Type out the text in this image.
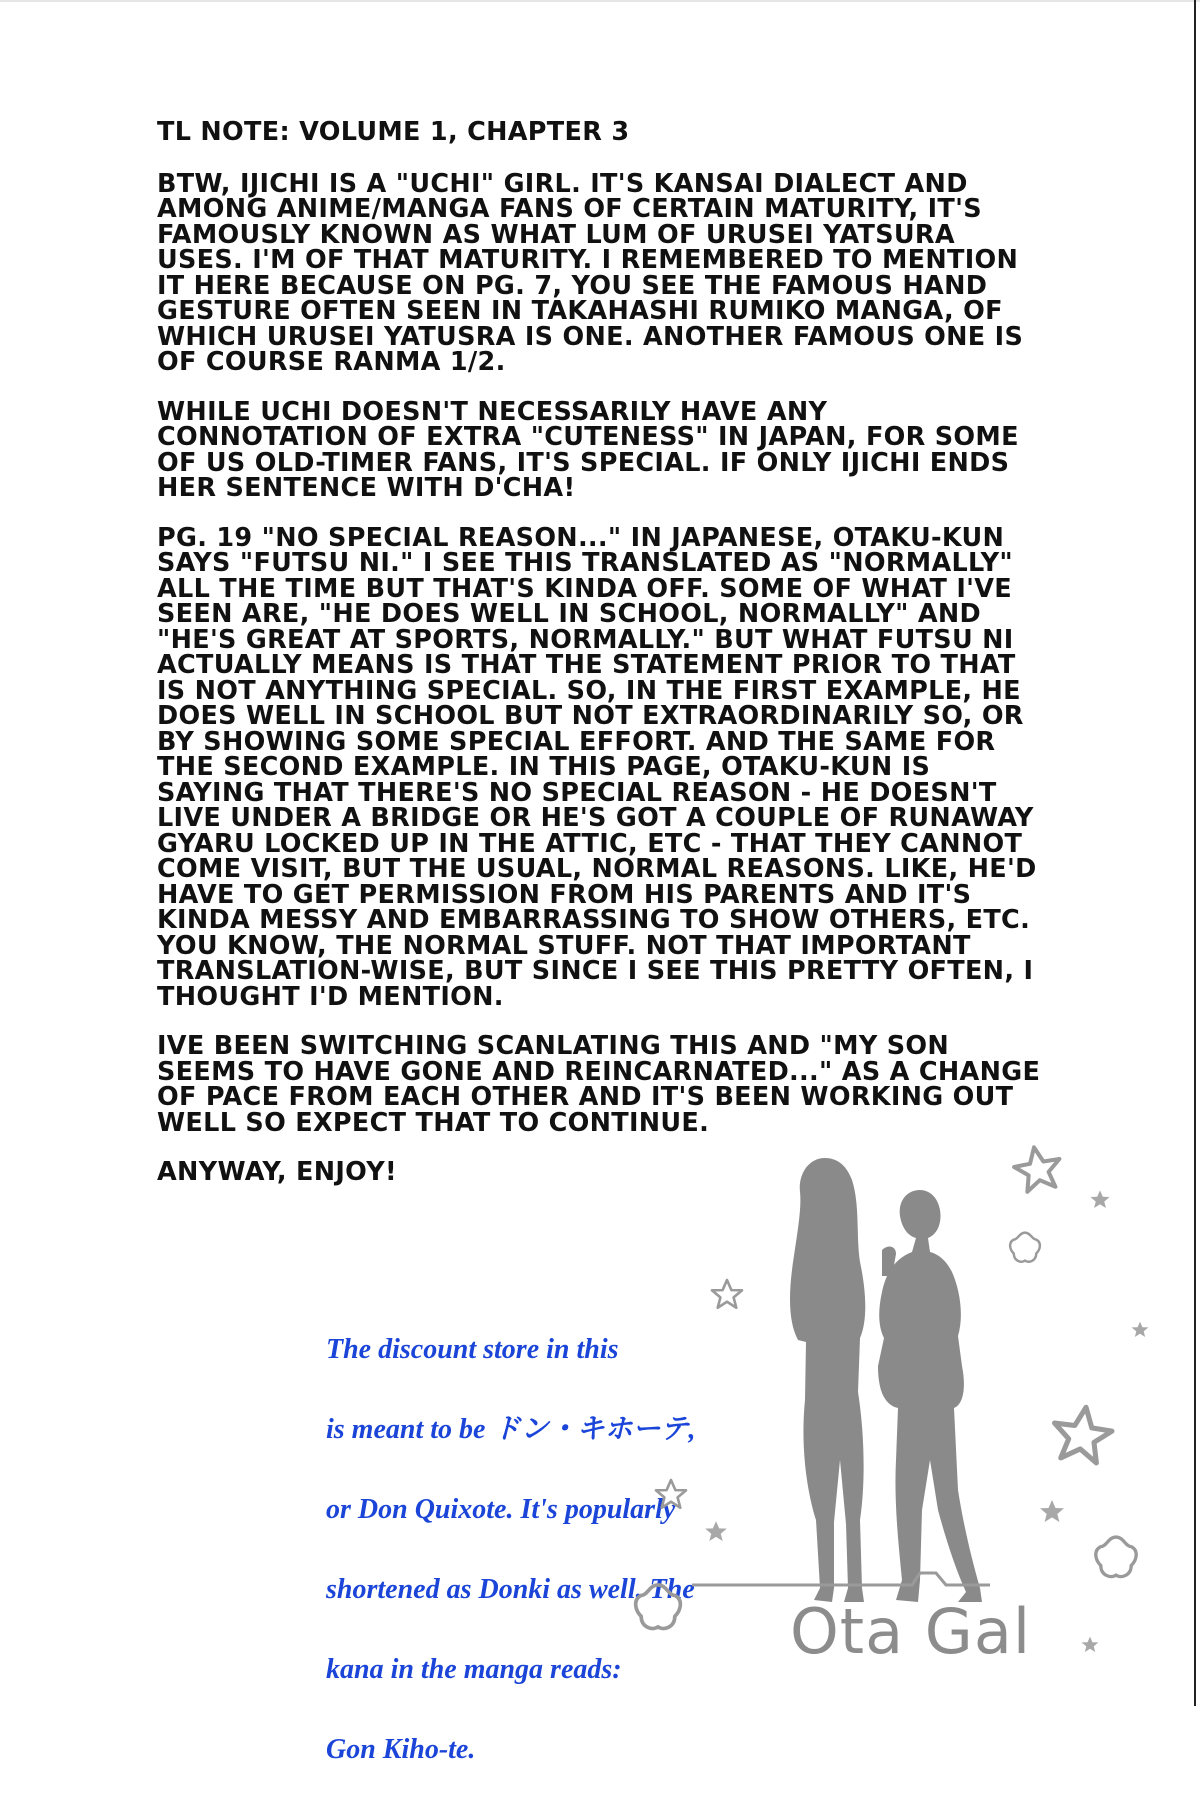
TL NOTE: VOLUME 1, CHAPTER 3

BTW, IJICHI IS A "UCHI" GIRL. IT'S KANSAI DIALECT AND AMONG ANIME/MANGA FANS OF CERTAIN MATURITY, IT'S FAMOUSLY KNOWN AS WHAT LUM OF URUSEI YATSURA USES. I'M OF THAT MATURITY. I REMEMBERED TO MENTION IT HERE BECAUSE ON PG. 7, YOU SEE THE FAMOUS HAND GESTURE OFTEN SEEN IN TAKAHASHI RUMIKO MANGA, OF WHICH URUSEI YATUSRA IS ONE. ANOTHER FAMOUS ONE IS OF COURSE RANMA 1/2.

WHILE UCHI DOESN'T NECESSARILY HAVE ANY CONNOTATION OF EXTRA "CUTENESS" IN JAPAN, FOR SOME OF US OLD-TIMER FANS, IT'S SPECIAL. IF ONLY IJICHI ENDS HER SENTENCE WITH D'CHA!

PG. 19 "NO SPECIAL REASON..." IN JAPANESE, OTAKU-KUN SAYS "FUTSU NI." I SEE THIS TRANSLATED AS "NORMALLY" ALL THE TIME BUT THAT'S KINDA OFF. SOME OF WHAT I'VE SEEN ARE, "HE DOES WELL IN SCHOOL, NORMALLY" AND "HE'S GREAT AT SPORTS, NORMALLY." BUT WHAT FUTSU NI ACTUALLY MEANS IS THAT THE STATEMENT PRIOR TO THAT IS NOT ANYTHING SPECIAL. SO, IN THE FIRST EXAMPLE, HE DOES WELL IN SCHOOL BUT NOT EXTRAORDINARILY SO, OR BY SHOWING SOME SPECIAL EFFORT. AND THE SAME FOR THE SECOND EXAMPLE. IN THIS PAGE, OTAKU-KUN IS SAYING THAT THERE'S NO SPECIAL REASON - HE DOESN'T LIVE UNDER A BRIDGE OR HE'S GOT A COUPLE OF RUNAWAY GYARU LOCKED UP IN THE ATTIC, ETC - THAT THEY CANNOT COME VISIT, BUT THE USUAL, NORMAL REASONS. LIKE, HE'D HAVE TO GET PERMISSION FROM HIS PARENTS AND IT'S KINDA MESSY AND EMBARRASSING TO SHOW OTHERS, ETC. YOU KNOW, THE NORMAL STUFF. NOT THAT IMPORTANT TRANSLATION-WISE, BUT SINCE I SEE THIS PRETTY OFTEN, I THOUGHT I'D MENTION.

IVE BEEN SWITCHING SCANLATING THIS AND "MY SON SEEMS TO HAVE GONE AND REINCARNATED..." AS A CHANGE OF PACE FROM EACH OTHER AND IT'S BEEN WORKING OUT WELL SO EXPECT THAT TO CONTINUE.

ANYWAY, ENJOY!

The discount store in this

is meant to be ドン・キホーテ,

or Don Quixote. It's popularly

shortened as Donki as well. The

kana in the manga reads:

Gon Kiho-te.

Ota Gal
